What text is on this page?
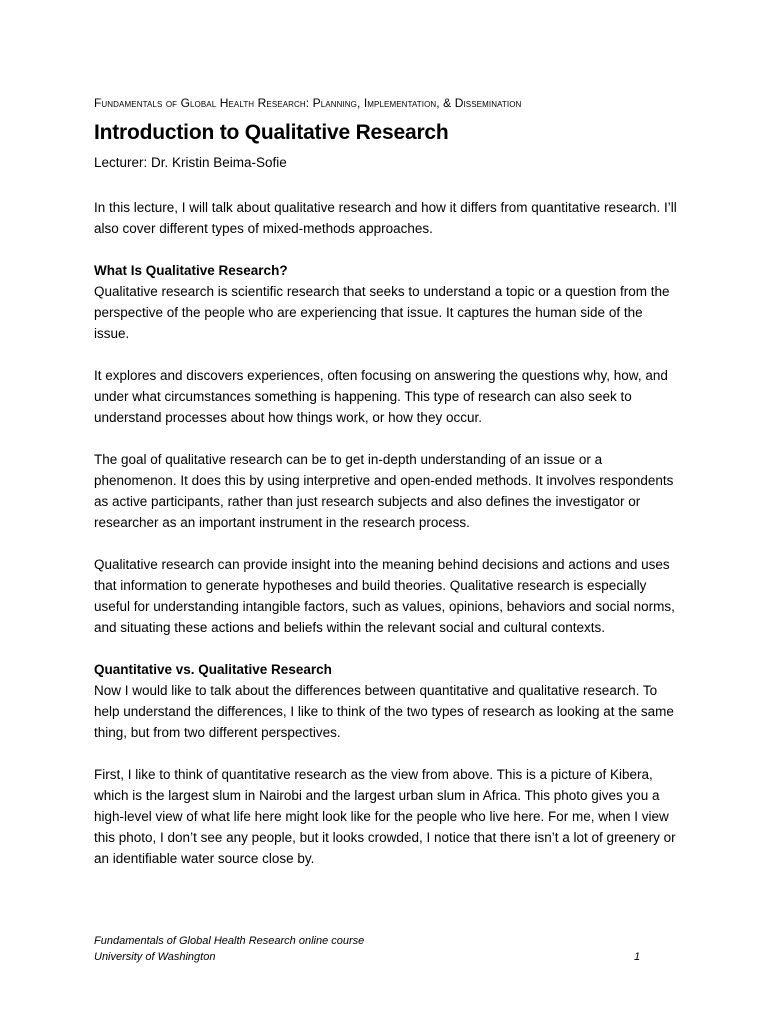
Fundamentals of Global Health Research: Planning, Implementation, & Dissemination

Introduction to Qualitative Research

Lecturer: Dr. Kristin Beima-Sofie

In this lecture, I will talk about qualitative research and how it differs from quantitative research. I’ll also cover different types of mixed-methods approaches.

What Is Qualitative Research?

Qualitative research is scientific research that seeks to understand a topic or a question from the perspective of the people who are experiencing that issue. It captures the human side of the issue.

It explores and discovers experiences, often focusing on answering the questions why, how, and under what circumstances something is happening. This type of research can also seek to understand processes about how things work, or how they occur.

The goal of qualitative research can be to get in-depth understanding of an issue or a phenomenon. It does this by using interpretive and open-ended methods. It involves respondents as active participants, rather than just research subjects and also defines the investigator or researcher as an important instrument in the research process.

Qualitative research can provide insight into the meaning behind decisions and actions and uses that information to generate hypotheses and build theories. Qualitative research is especially useful for understanding intangible factors, such as values, opinions, behaviors and social norms, and situating these actions and beliefs within the relevant social and cultural contexts.

Quantitative vs. Qualitative Research

Now I would like to talk about the differences between quantitative and qualitative research. To help understand the differences, I like to think of the two types of research as looking at the same thing, but from two different perspectives.

First, I like to think of quantitative research as the view from above. This is a picture of Kibera, which is the largest slum in Nairobi and the largest urban slum in Africa. This photo gives you a high-level view of what life here might look like for the people who live here. For me, when I view this photo, I don’t see any people, but it looks crowded, I notice that there isn’t a lot of greenery or an identifiable water source close by.

Fundamentals of Global Health Research online course
University of Washington	1
